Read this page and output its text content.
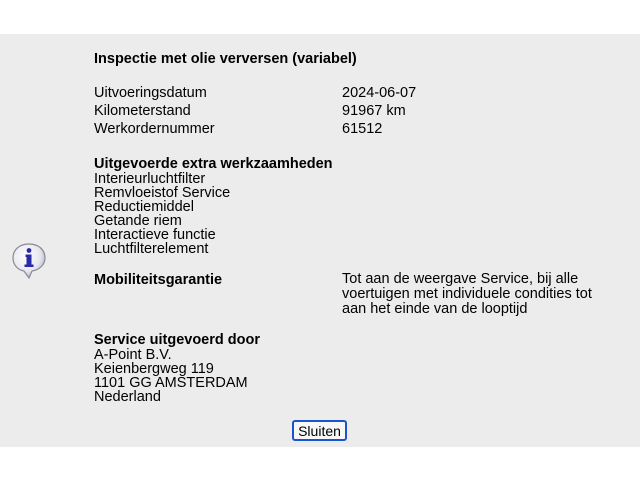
Inspectie met olie verversen (variabel)
Uitvoeringsdatum	2024-06-07
Kilometerstand	91967 km
Werkordernummer	61512
Uitgevoerde extra werkzaamheden
Interieurluchtfilter
Remvloeistof Service
Reductiemiddel
Getande riem
Interactieve functie
Luchtfilterelement
Mobiliteitsgarantie	Tot aan de weergave Service, bij alle voertuigen met individuele condities tot aan het einde van de looptijd
Service uitgevoerd door
A-Point B.V.
Keienbergweg 119
1101 GG AMSTERDAM
Nederland
Sluiten
